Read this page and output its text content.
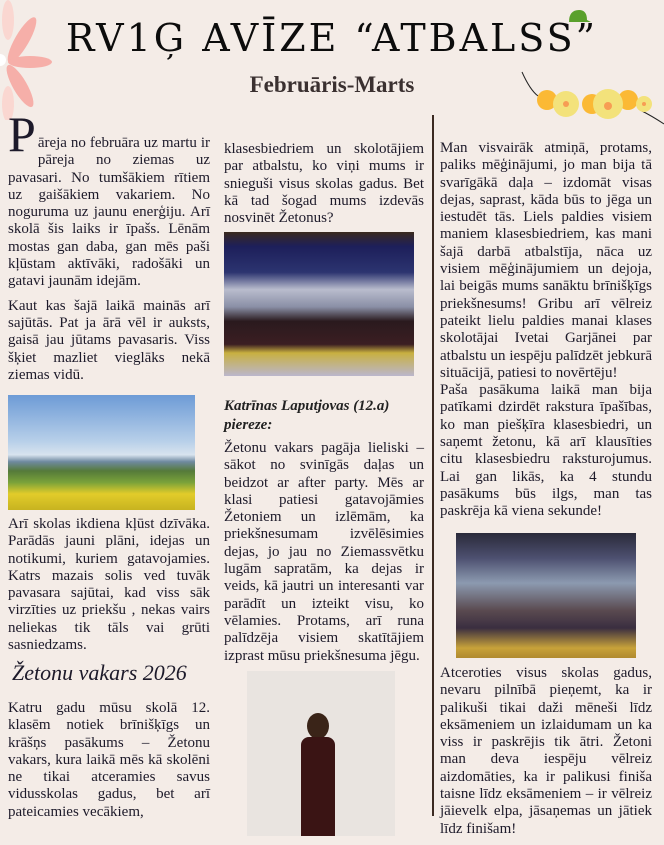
RV1Ģ AVĪZE “ATBALSS”
Februāris-Marts

Pāreja no februāra uz martu ir pāreja no ziemas uz pavasari. No tumšākiem rītiem uz gaišākiem vakariem. No noguruma uz jaunu enerģiju. Arī skolā šis laiks ir īpašs. Lēnām mostas gan daba, gan mēs paši kļūstam aktīvāki, radošāki un gatavi jaunām idejām.

Kaut kas šajā laikā mainās arī sajūtās. Pat ja ārā vēl ir auksts, gaisā jau jūtams pavasaris. Viss šķiet mazliet vieglāks nekā ziemas vidū.

Arī skolas ikdiena kļūst dzīvāka. Parādās jauni plāni, idejas un notikumi, kuriem gatavojamies. Katrs mazais solis ved tuvāk pavasara sajūtai, kad viss sāk virzīties uz priekšu , nekas vairs neliekas tik tāls vai grūti sasniedzams.

Žetonu vakars 2026

Katru gadu mūsu skolā 12. klasēm notiek brīnišķīgs un krāšņs pasākums – Žetonu vakars, kura laikā mēs kā skolēni ne tikai atceramies savus vidusskolas gadus, bet arī pateicamies vecākiem,

klasesbiedriem un skolotājiem par atbalstu, ko viņi mums ir snieguši visus skolas gadus. Bet kā tad šogad mums izdevās nosvinēt Žetonus?

Katrīnas Laputjovas (12.a) piereze:

Žetonu vakars pagāja lieliski – sākot no svinīgās daļas un beidzot ar after party. Mēs ar klasi patiesi gatavojāmies Žetoniem un izlēmām, ka priekšnesumam izvēlēsimies dejas, jo jau no Ziemassvētku lugām sapratām, ka dejas ir veids, kā jautri un interesanti var parādīt un izteikt visu, ko vēlamies. Protams, arī runa palīdzēja visiem skatītājiem izprast mūsu priekšnesuma jēgu.

Man visvairāk atmiņā, protams, paliks mēģinājumi, jo man bija tā svarīgākā daļa – izdomāt visas dejas, saprast, kāda būs to jēga un iestudēt tās. Liels paldies visiem maniem klasesbiedriem, kas mani šajā darbā atbalstīja, nāca uz visiem mēģinājumiem un dejoja, lai beigās mums sanāktu brīnišķīgs priekšnesums! Gribu arī vēlreiz pateikt lielu paldies manai klases skolotājai Ivetai Garjānei par atbalstu un iespēju palīdzēt jebkurā situācijā, patiesi to novērtēju!

Paša pasākuma laikā man bija patīkami dzirdēt rakstura īpašības, ko man piešķīra klasesbiedri, un saņemt žetonu, kā arī klausīties citu klasesbiedru raksturojumus. Lai gan likās, ka 4 stundu pasākums būs ilgs, man tas paskrēja kā viena sekunde!

Atceroties visus skolas gadus, nevaru pilnībā pieņemt, ka ir palikuši tikai daži mēneši līdz eksāmeniem un izlaidumam un ka viss ir paskrējis tik ātri. Žetoni man deva iespēju vēlreiz aizdomāties, ka ir palikusi finiša taisne līdz eksāmeniem – ir vēlreiz jāievelk elpa, jāsaņemas un jātiek līdz finišam!
